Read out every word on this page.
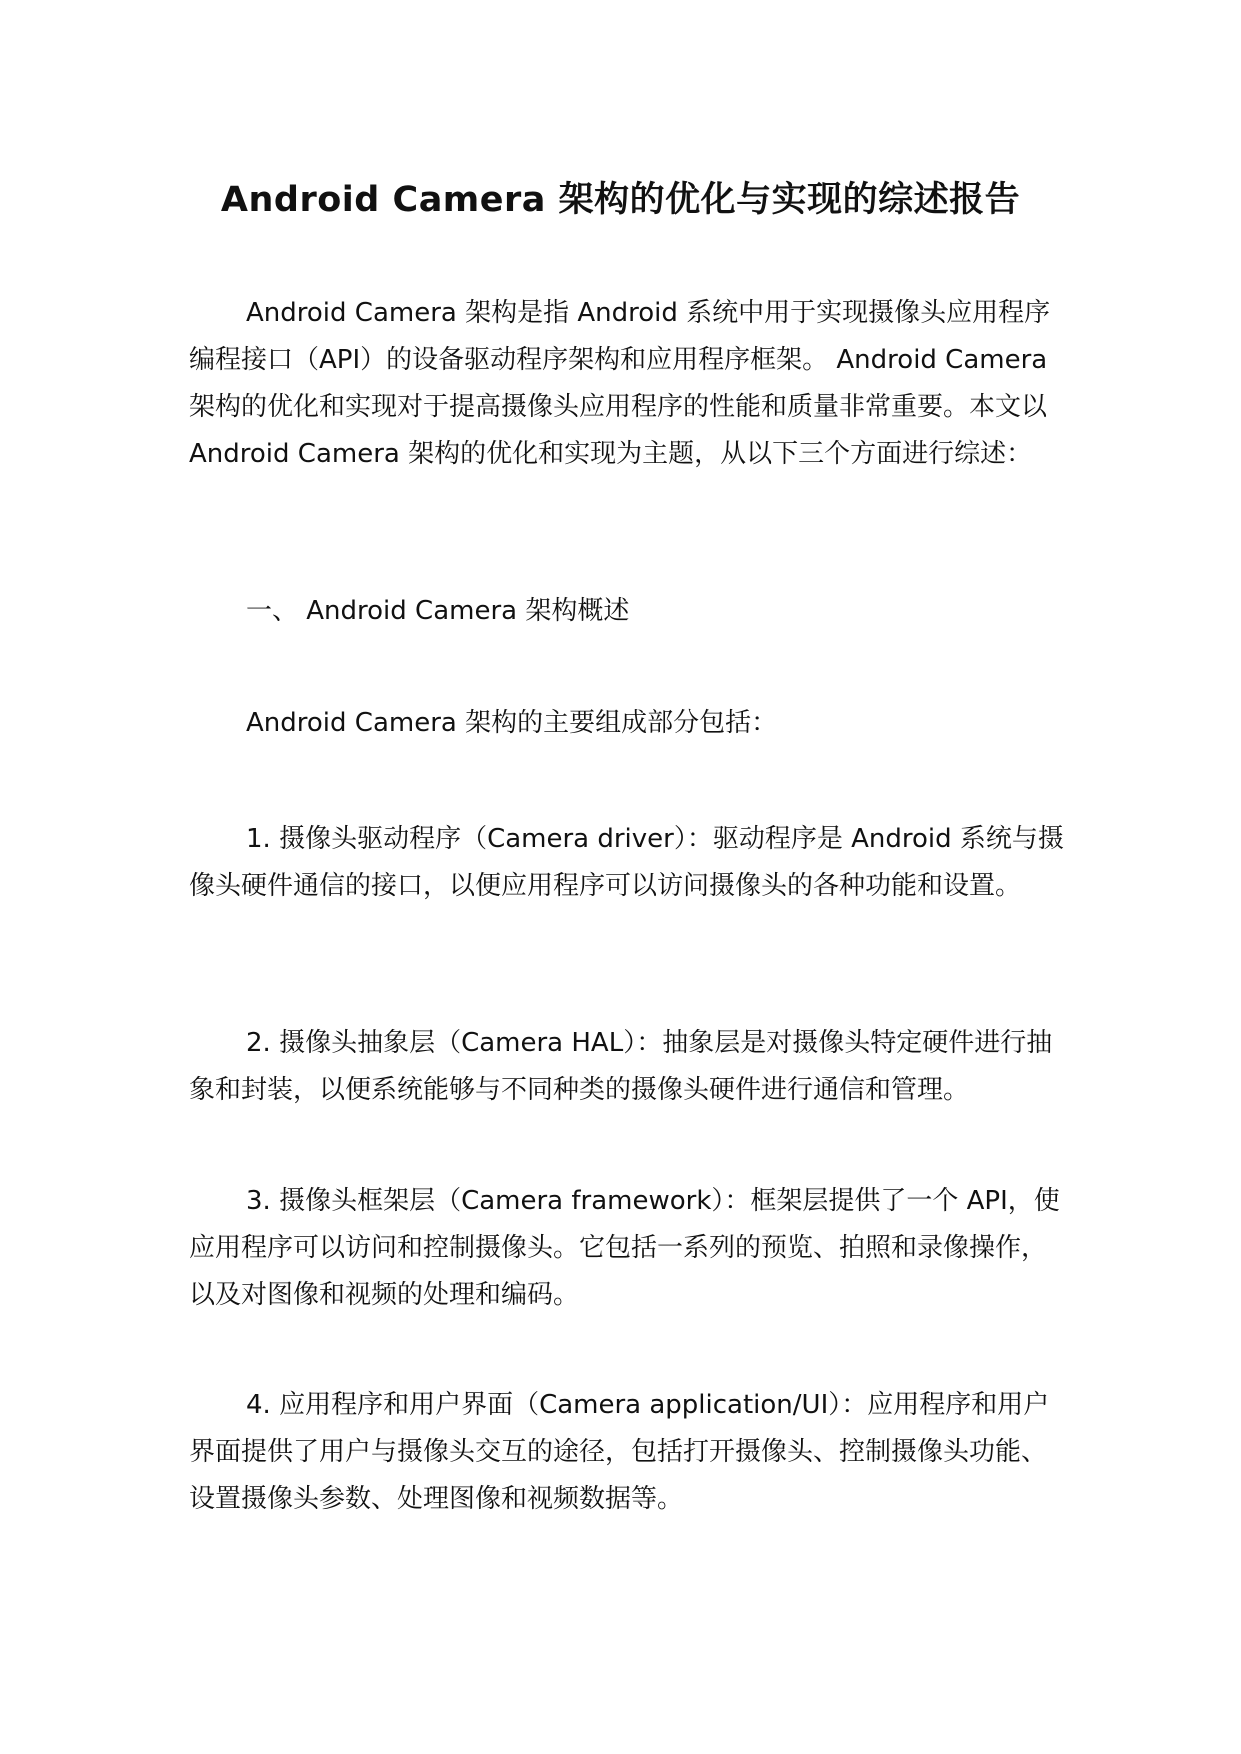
Android Camera 架构的优化与实现的综述报告

Android Camera 架构是指 Android 系统中用于实现摄像头应用程序编程接口（API）的设备驱动程序架构和应用程序框架。 Android Camera 架构的优化和实现对于提高摄像头应用程序的性能和质量非常重要。本文以 Android Camera 架构的优化和实现为主题，从以下三个方面进行综述：

一、 Android Camera 架构概述

Android Camera 架构的主要组成部分包括：

1. 摄像头驱动程序（Camera driver）：驱动程序是 Android 系统与摄像头硬件通信的接口，以便应用程序可以访问摄像头的各种功能和设置。

2. 摄像头抽象层（Camera HAL）：抽象层是对摄像头特定硬件进行抽象和封装，以便系统能够与不同种类的摄像头硬件进行通信和管理。

3. 摄像头框架层（Camera framework）：框架层提供了一个 API，使应用程序可以访问和控制摄像头。它包括一系列的预览、拍照和录像操作，以及对图像和视频的处理和编码。

4. 应用程序和用户界面（Camera application/UI）：应用程序和用户界面提供了用户与摄像头交互的途径，包括打开摄像头、控制摄像头功能、设置摄像头参数、处理图像和视频数据等。
